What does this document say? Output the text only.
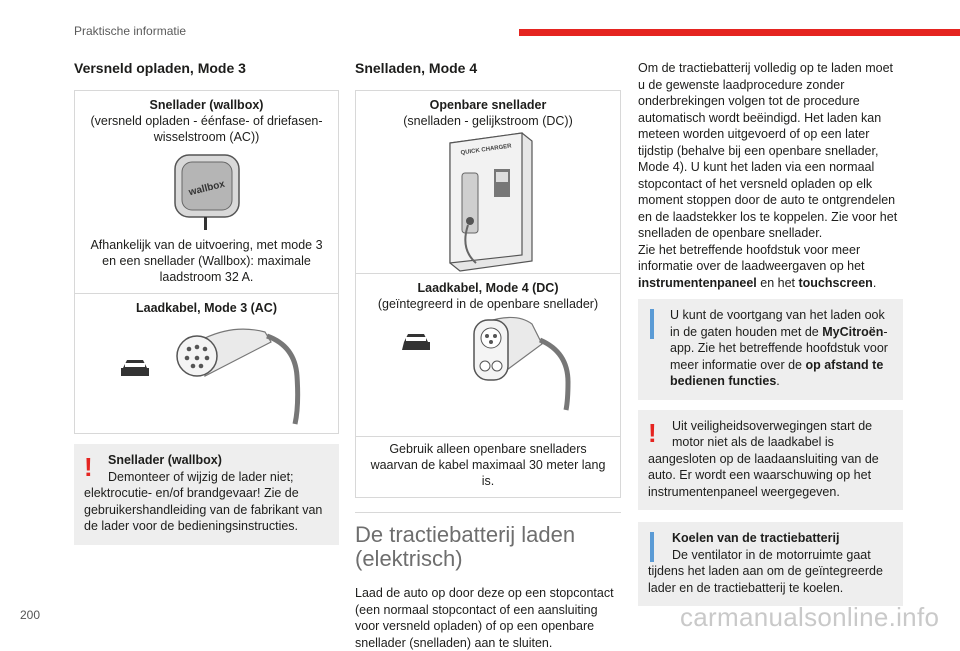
Praktische informatie
Versneld opladen, Mode 3
Snellader (wallbox)
(versneld opladen - éénfase- of driefasen-wisselstroom (AC))
wallbox
Afhankelijk van de uitvoering, met mode 3 en een snellader (Wallbox): maximale laadstroom 32 A.
Laadkabel, Mode 3 (AC)
!	Snellader (wallbox)
Demonteer of wijzig de lader niet;
elektrocutie- en/of brandgevaar! Zie de gebruikershandleiding van de fabrikant van de lader voor de bedieningsinstructies.
Snelladen, Mode 4
Openbare snellader
(snelladen - gelijkstroom (DC))
QUICK CHARGER
Laadkabel, Mode 4 (DC)
(geïntegreerd in de openbare snellader)
Gebruik alleen openbare snelladers waarvan de kabel maximaal 30 meter lang is.
De tractiebatterij laden (elektrisch)
Laad de auto op door deze op een stopcontact (een normaal stopcontact of een aansluiting voor versneld opladen) of op een openbare snellader (snelladen) aan te sluiten.
Om de tractiebatterij volledig op te laden moet u de gewenste laadprocedure zonder onderbrekingen volgen tot de procedure automatisch wordt beëindigd. Het laden kan meteen worden uitgevoerd of op een later tijdstip (behalve bij een openbare snellader, Mode 4). U kunt het laden via een normaal stopcontact of het versneld opladen op elk moment stoppen door de auto te ontgrendelen en de laadstekker los te koppelen. Zie voor het snelladen de openbare snellader.
Zie het betreffende hoofdstuk voor meer informatie over de laadweergaven op het instrumentenpaneel en het touchscreen.
U kunt de voortgang van het laden ook in de gaten houden met de MyCitroën-app. Zie het betreffende hoofdstuk voor meer informatie over de op afstand te bedienen functies.
!	Uit veiligheidsoverwegingen start de motor niet als de laadkabel is
aangesloten op de laadaansluiting van de auto. Er wordt een waarschuwing op het instrumentenpaneel weergegeven.
Koelen van de tractiebatterij
De ventilator in de motorruimte gaat
tijdens het laden aan om de geïntegreerde lader en de tractiebatterij te koelen.
200	carmanualsonline.info
